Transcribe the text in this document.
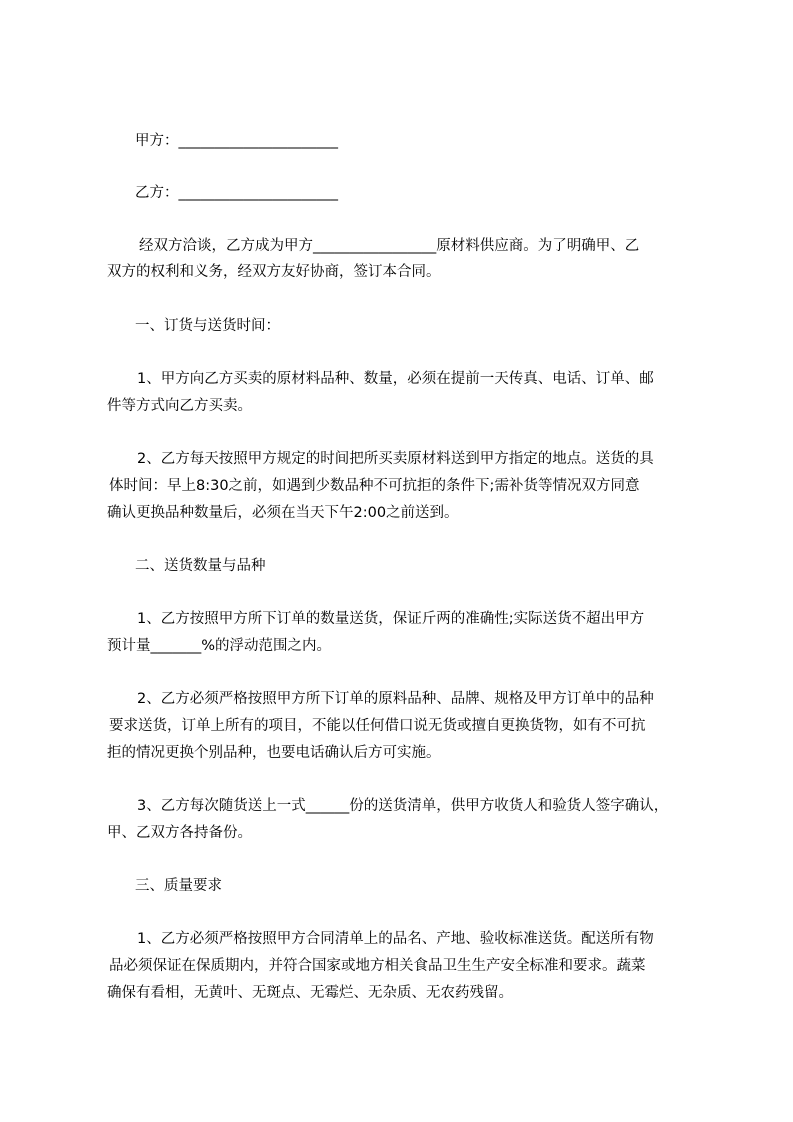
甲方：______________________
乙方：______________________
经双方洽谈，乙方成为甲方_________________原材料供应商。为了明确甲、乙
双方的权利和义务，经双方友好协商，签订本合同。
一、订货与送货时间：
1、甲方向乙方买卖的原材料品种、数量，必须在提前一天传真、电话、订单、邮
件等方式向乙方买卖。
2、乙方每天按照甲方规定的时间把所买卖原材料送到甲方指定的地点。送货的具
体时间：早上8:30之前，如遇到少数品种不可抗拒的条件下;需补货等情况双方同意
确认更换品种数量后，必须在当天下午2:00之前送到。
二、送货数量与品种
1、乙方按照甲方所下订单的数量送货，保证斤两的准确性;实际送货不超出甲方
预计量_______%的浮动范围之内。
2、乙方必须严格按照甲方所下订单的原料品种、品牌、规格及甲方订单中的品种
要求送货，订单上所有的项目，不能以任何借口说无货或擅自更换货物，如有不可抗
拒的情况更换个别品种，也要电话确认后方可实施。
3、乙方每次随货送上一式______份的送货清单，供甲方收货人和验货人签字确认，
甲、乙双方各持备份。
三、质量要求
1、乙方必须严格按照甲方合同清单上的品名、产地、验收标准送货。配送所有物
品必须保证在保质期内，并符合国家或地方相关食品卫生生产安全标准和要求。蔬菜
确保有看相，无黄叶、无斑点、无霉烂、无杂质、无农药残留。
